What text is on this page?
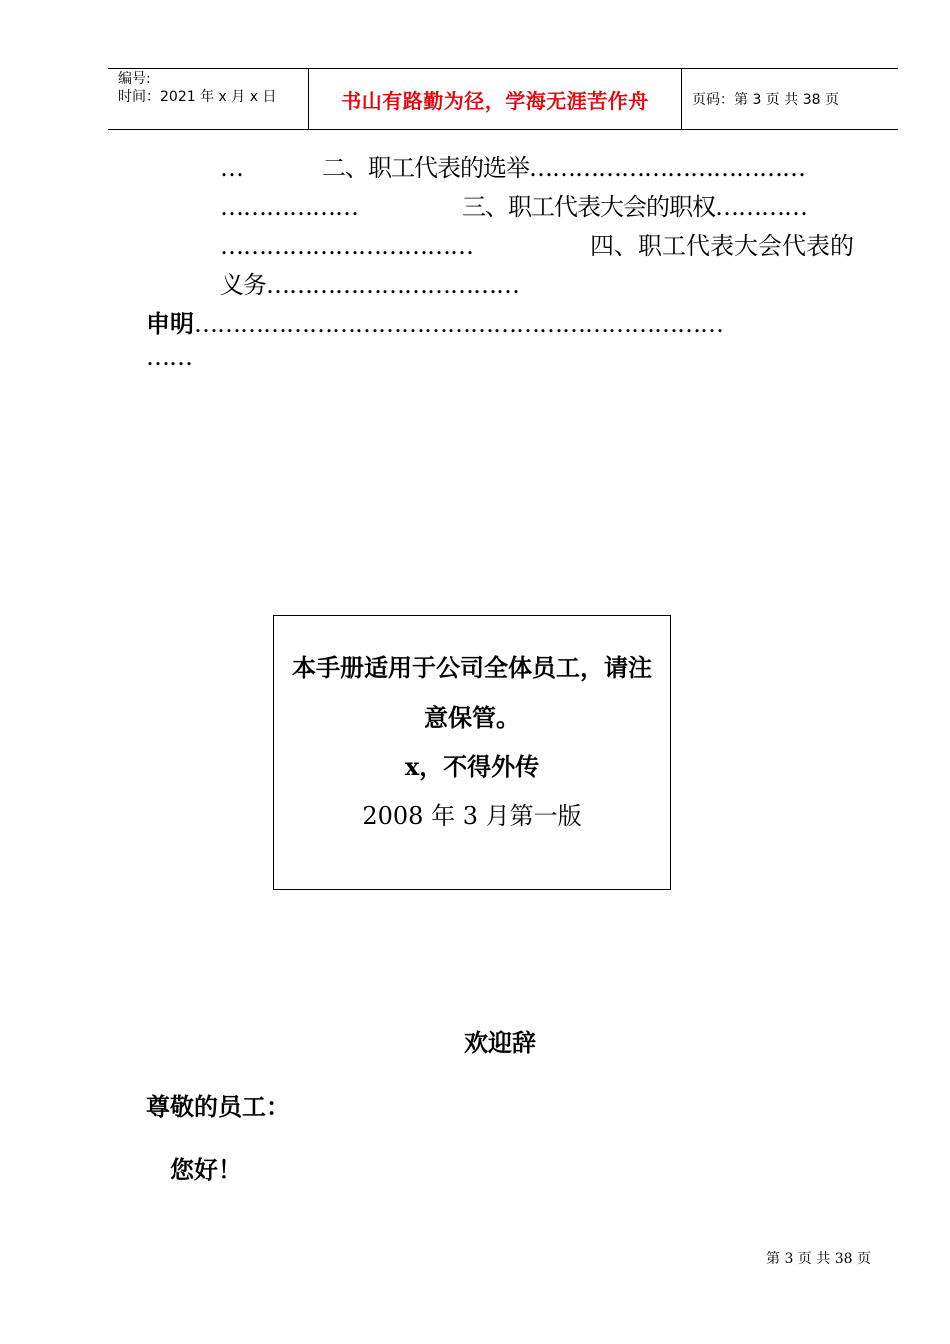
编号:
时间：2021 年 x 月 x 日	书山有路勤为径，学海无涯苦作舟	页码：第 3 页 共 38 页
…	二、职工代表的选举………………………………
………………	三、职工代表大会的职权…………
……………………………	四、职工代表大会代表的
义务……………………………
申明……………………………………………………………
……
本手册适用于公司全体员工，请注
意保管。
x，不得外传
2008 年 3 月第一版
欢迎辞
尊敬的员工：
您好！
第 3 页 共 38 页
